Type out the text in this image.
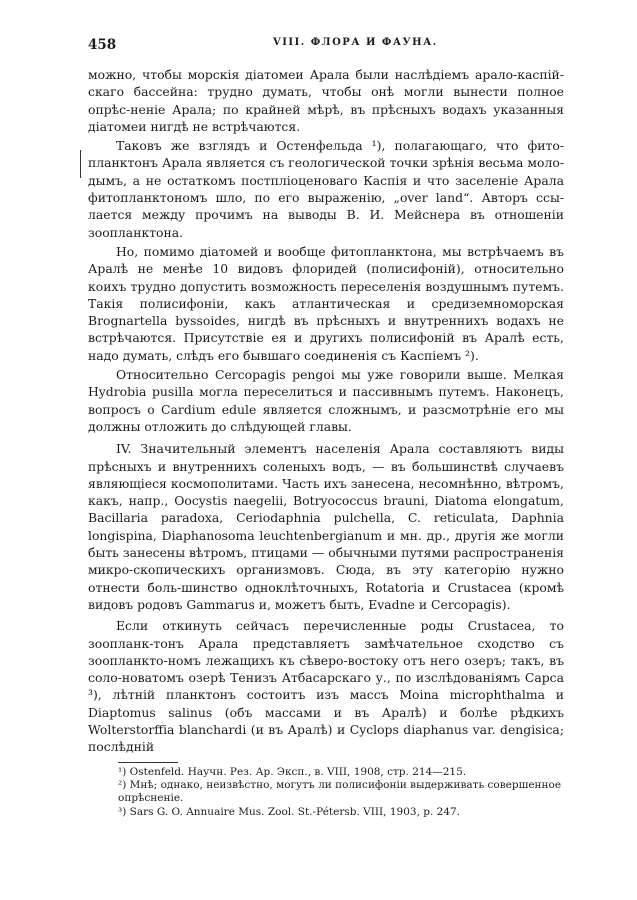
458	VIII. ФЛОРА И ФАУНА.

можно, чтобы морскія діатомеи Арала были наслѣдіемъ арало-каспій-скаго бассейна: трудно думать, чтобы онѣ могли вынести полное опрѣс-неніе Арала; по крайней мѣрѣ, въ прѣсныхъ водахъ указанныя діатомеи нигдѣ не встрѣчаются.

Таковъ же взглядъ и Остенфельда ¹), полагающаго, что фито-планктонъ Арала является съ геологической точки зрѣнія весьма моло-дымъ, а не остаткомъ постпліоценоваго Каспія и что заселеніе Арала фитопланктономъ шло, по его выраженію, „over land“. Авторъ ссы-лается между прочимъ на выводы В. И. Мейснера въ отношеніи зоопланктона.

Но, помимо діатомей и вообще фитопланктона, мы встрѣчаемъ въ Аралѣ не менѣе 10 видовъ флоридей (полисифоній), относительно коихъ трудно допустить возможность переселенія воздушнымъ путемъ. Такія полисифоніи, какъ атлантическая и средиземноморская Brognartella byssoides, нигдѣ въ прѣсныхъ и внутреннихъ водахъ не встрѣчаются. Присутствіе ея и другихъ полисифоній въ Аралѣ есть, надо думать, слѣдъ его бывшаго соединенія съ Каспіемъ ²).

Относительно Cercopagis pengoi мы уже говорили выше. Мелкая Hydrobia pusilla могла переселиться и пассивнымъ путемъ. Наконецъ, вопросъ о Cardium edule является сложнымъ, и разсмотрѣніе его мы должны отложить до слѣдующей главы.

IV. Значительный элементъ населенія Арала составляютъ виды прѣсныхъ и внутреннихъ соленыхъ водъ, — въ большинствѣ случаевъ являющіеся космополитами. Часть ихъ занесена, несомнѣнно, вѣтромъ, какъ, напр., Oocystis naegelii, Botryococcus brauni, Diatoma elongatum, Bacillaria paradoxa, Ceriodaphnia pulchella, C. reticulata, Daphnia longispina, Diaphanosoma leuchtenbergianum и мн. др., другія же могли быть занесены вѣтромъ, птицами — обычными путями распространенія микро-скопическихъ организмовъ. Сюда, въ эту категорію нужно отнести боль-шинство одноклѣточныхъ, Rotatoria и Crustacea (кромѣ видовъ родовъ Gammarus и, можетъ быть, Evadne и Cercopagis).

Если откинуть сейчасъ перечисленные роды Crustacea, то зоопланк-тонъ Арала представляетъ замѣчательное сходство съ зоопланкто-номъ лежащихъ къ сѣверо-востоку отъ него озеръ; такъ, въ соло-новатомъ озерѣ Тенизъ Атбасарскаго у., по изслѣдованіямъ Сарса ³), лѣтній планктонъ состоитъ изъ массъ Moina microphthalma и Diaptomus salinus (объ массами и въ Аралѣ) и болѣе рѣдкихъ Wolterstorffia blanchardi (и въ Аралѣ) и Cyclops diaphanus var. dengisica; послѣдній

¹) Ostenfeld. Научн. Рез. Ар. Эксп., в. VIII, 1908, стр. 214—215.
²) Мнѣ; однако, неизвѣстно, могутъ ли полисифоніи выдерживать совершенное опрѣсненіе.
³) Sars G. O. Annuaire Mus. Zool. St.-Pétersb. VIII, 1903, p. 247.
